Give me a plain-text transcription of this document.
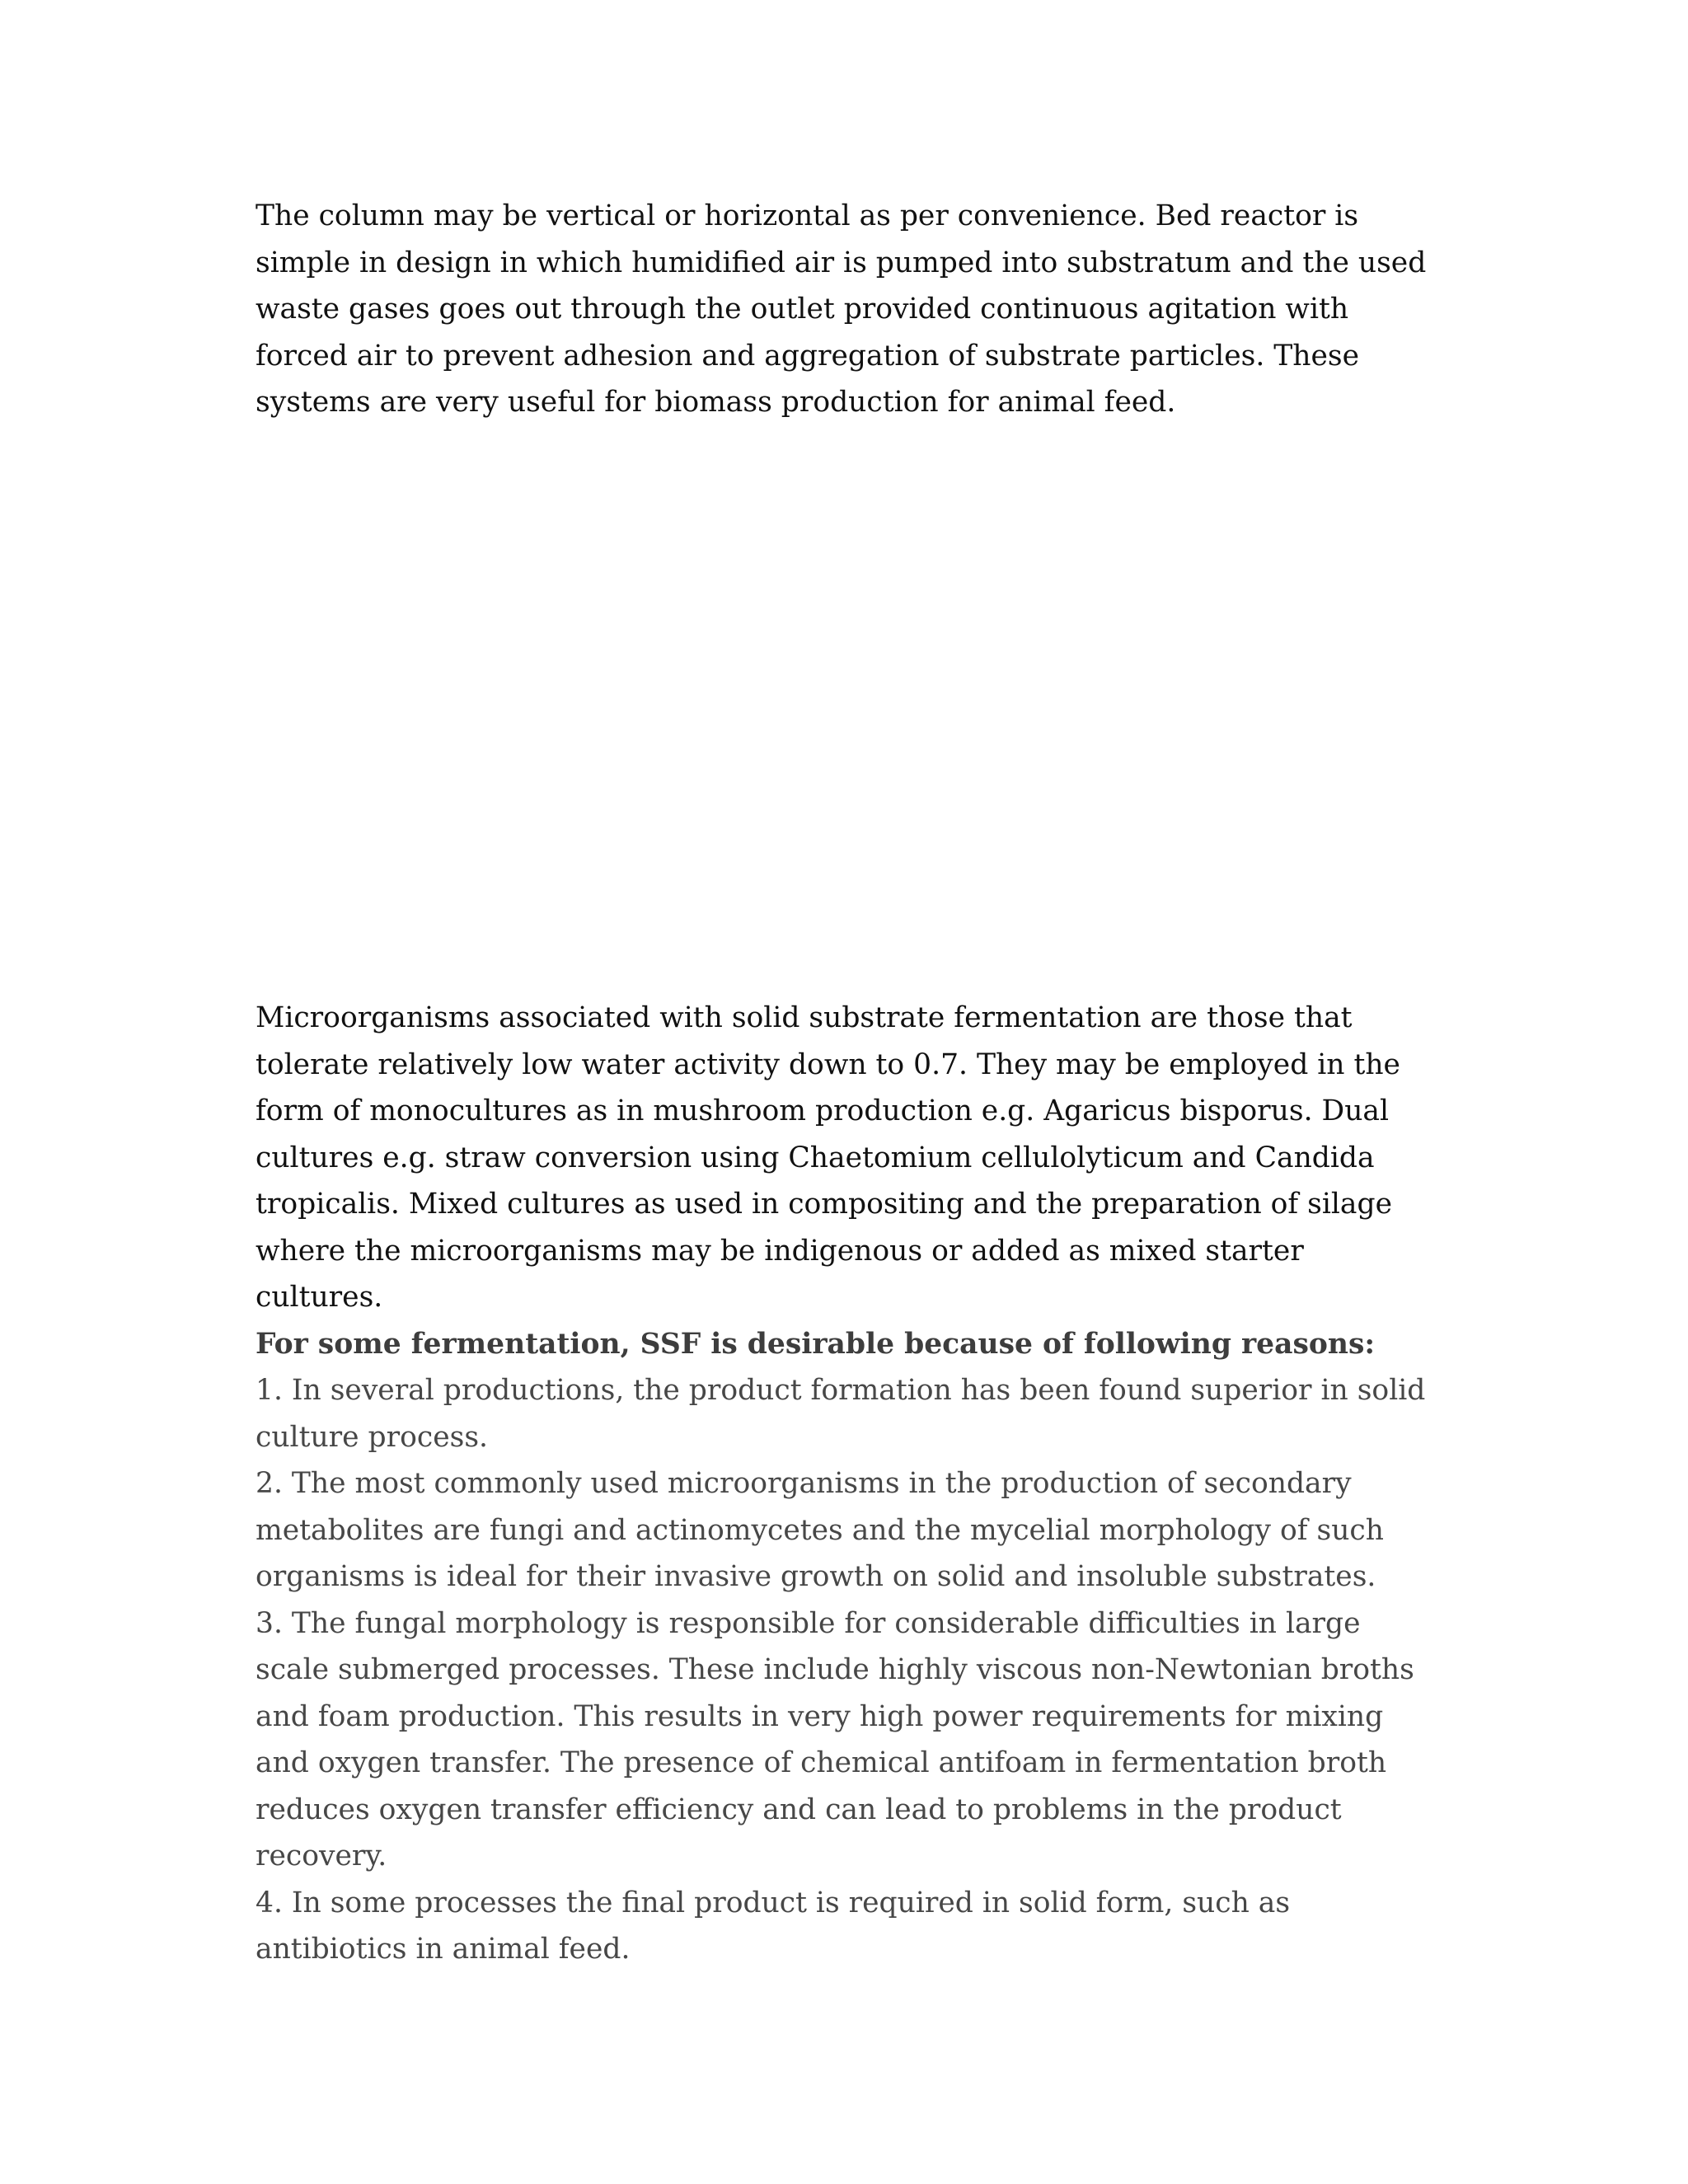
The column may be vertical or horizontal as per convenience. Bed reactor is simple in design in which humidified air is pumped into substratum and the used waste gases goes out through the outlet provided continuous agitation with forced air to prevent adhesion and aggregation of substrate particles. These systems are very useful for biomass production for animal feed.

Microorganisms associated with solid substrate fermentation are those that tolerate relatively low water activity down to 0.7. They may be employed in the form of monocultures as in mushroom production e.g. Agaricus bisporus. Dual cultures e.g. straw conversion using Chaetomium cellulolyticum and Candida tropicalis. Mixed cultures as used in compositing and the preparation of silage where the microorganisms may be indigenous or added as mixed starter cultures.

For some fermentation, SSF is desirable because of following reasons:

1. In several productions, the product formation has been found superior in solid culture process.

2. The most commonly used microorganisms in the production of secondary metabolites are fungi and actinomycetes and the mycelial morphology of such organisms is ideal for their invasive growth on solid and insoluble substrates.

3. The fungal morphology is responsible for considerable difficulties in large scale submerged processes. These include highly viscous non-Newtonian broths and foam production. This results in very high power requirements for mixing and oxygen transfer. The presence of chemical antifoam in fermentation broth reduces oxygen transfer efficiency and can lead to problems in the product recovery.

4. In some processes the final product is required in solid form, such as antibiotics in animal feed.
